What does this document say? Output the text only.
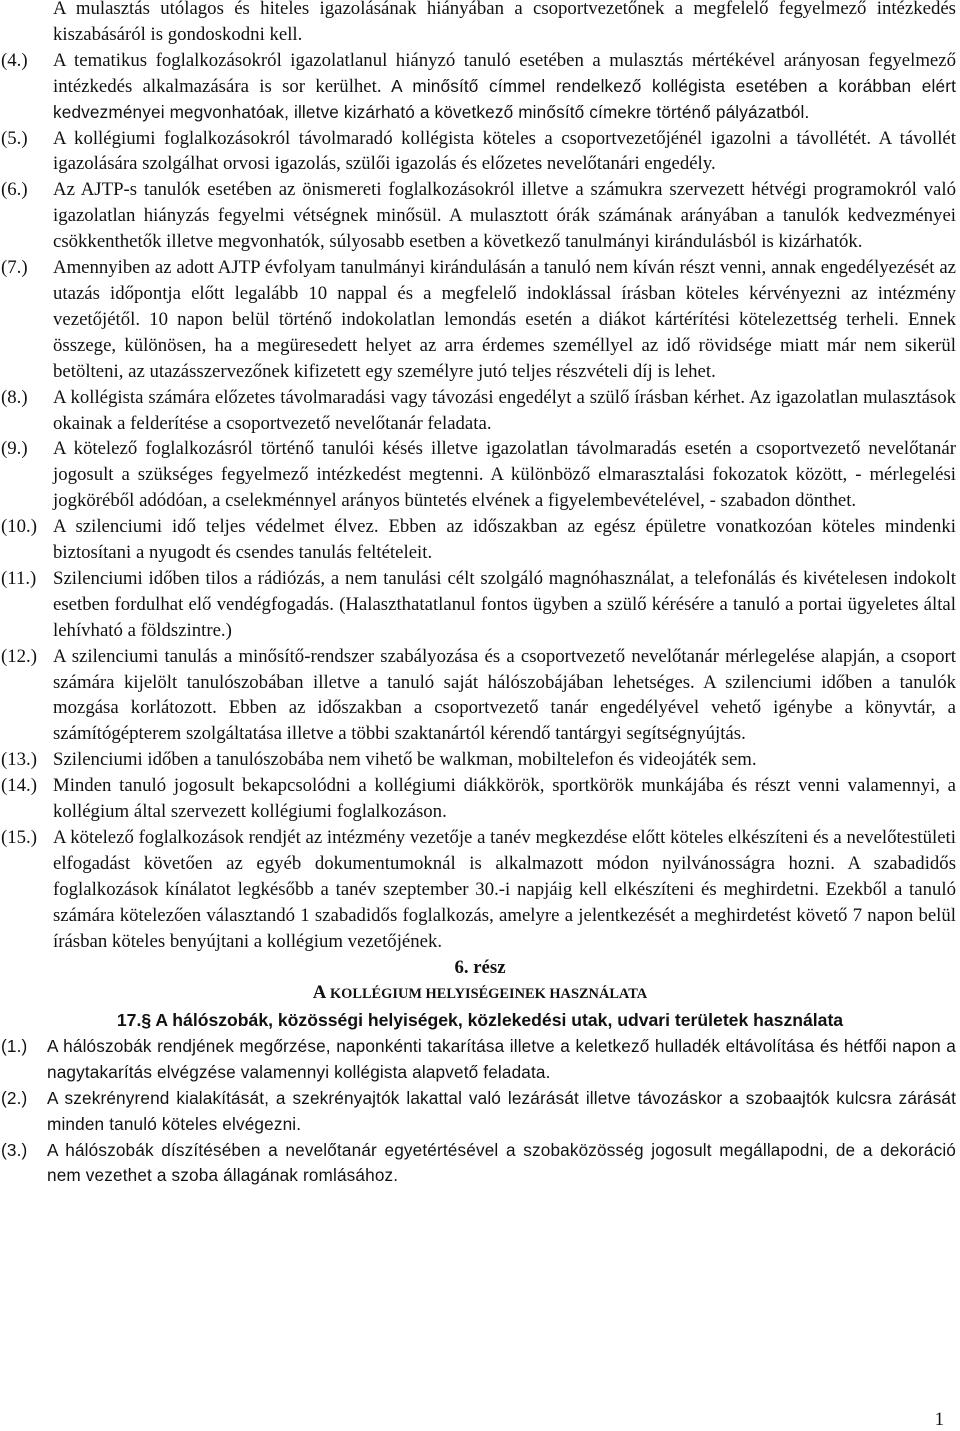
A mulasztás utólagos és hiteles igazolásának hiányában a csoportvezetőnek a megfelelő fegyelmező intézkedés kiszabásáról is gondoskodni kell.
(4.)	A tematikus foglalkozásokról igazolatlanul hiányzó tanuló esetében a mulasztás mértékével arányosan fegyelmező intézkedés alkalmazására is sor kerülhet. A minősítő címmel rendelkező kollégista esetében a korábban elért kedvezményei megvonhatóak, illetve kizárható a következő minősítő címekre történő pályázatból.
(5.)	A kollégiumi foglalkozásokról távolmaradó kollégista köteles a csoportvezetőjénél igazolni a távollétét. A távollét igazolására szolgálhat orvosi igazolás, szülői igazolás és előzetes nevelőtanári engedély.
(6.)	Az AJTP-s tanulók esetében az önismereti foglalkozásokról illetve a számukra szervezett hétvégi programokról való igazolatlan hiányzás fegyelmi vétségnek minősül. A mulasztott órák számának arányában a tanulók kedvezményei csökkenthetők illetve megvonhatók, súlyosabb esetben a következő tanulmányi kirándulásból is kizárhatók.
(7.)	Amennyiben az adott AJTP évfolyam tanulmányi kirándulásán a tanuló nem kíván részt venni, annak engedélyezését az utazás időpontja előtt legalább 10 nappal és a megfelelő indoklással írásban köteles kérvényezni az intézmény vezetőjétől. 10 napon belül történő indokolatlan lemondás esetén a diákot kártérítési kötelezettség terheli. Ennek összege, különösen, ha a megüresedett helyet az arra érdemes személlyel az idő rövidsége miatt már nem sikerül betölteni, az utazásszervezőnek kifizetett egy személyre jutó teljes részvételi díj is lehet.
(8.)	A kollégista számára előzetes távolmaradási vagy távozási engedélyt a szülő írásban kérhet. Az igazolatlan mulasztások okainak a felderítése a csoportvezető nevelőtanár feladata.
(9.)	A kötelező foglalkozásról történő tanulói késés illetve igazolatlan távolmaradás esetén a csoportvezető nevelőtanár jogosult a szükséges fegyelmező intézkedést megtenni. A különböző elmarasztalási fokozatok között, - mérlegelési jogköréből adódóan, a cselekménnyel arányos büntetés elvének a figyelembevételével, - szabadon dönthet.
(10.) A szilenciumi idő teljes védelmet élvez. Ebben az időszakban az egész épületre vonatkozóan köteles mindenki biztosítani a nyugodt és csendes tanulás feltételeit.
(11.) Szilenciumi időben tilos a rádiózás, a nem tanulási célt szolgáló magnóhasználat, a telefonálás és kivételesen indokolt esetben fordulhat elő vendégfogadás. (Halaszthatatlanul fontos ügyben a szülő kérésére a tanuló a portai ügyeletes által lehívható a földszintre.)
(12.) A szilenciumi tanulás a minősítő-rendszer szabályozása és a csoportvezető nevelőtanár mérlegelése alapján, a csoport számára kijelölt tanulószobában illetve a tanuló saját hálószobájában lehetséges. A szilenciumi időben a tanulók mozgása korlátozott. Ebben az időszakban a csoportvezető tanár engedélyével vehető igénybe a könyvtár, a számítógépterem szolgáltatása illetve a többi szaktanártól kérendő tantárgyi segítségnyújtás.
(13.) Szilenciumi időben a tanulószobába nem vihető be walkman, mobiltelefon és videojáték sem.
(14.) Minden tanuló jogosult bekapcsolódni a kollégiumi diákkörök, sportkörök munkájába és részt venni valamennyi, a kollégium által szervezett kollégiumi foglalkozáson.
(15.) A kötelező foglalkozások rendjét az intézmény vezetője a tanév megkezdése előtt köteles elkészíteni és a nevelőtestületi elfogadást követően az egyéb dokumentumoknál is alkalmazott módon nyilvánosságra hozni. A szabadidős foglalkozások kínálatot legkésőbb a tanév szeptember 30.-i napjáig kell elkészíteni és meghirdetni. Ezekből a tanuló számára kötelezően választandó 1 szabadidős foglalkozás, amelyre a jelentkezését a meghirdetést követő 7 napon belül írásban köteles benyújtani a kollégium vezetőjének.
6. rész
A KOLLÉGIUM HELYISÉGEINEK HASZNÁLATA
17.§ A hálószobák, közösségi helyiségek, közlekedési utak, udvari területek használata
(1.)	A hálószobák rendjének megőrzése, naponkénti takarítása illetve a keletkező hulladék eltávolítása és hétfői napon a nagytakarítás elvégzése valamennyi kollégista alapvető feladata.
(2.)	A szekrényrend kialakítását, a szekrényajtók lakattal való lezárását illetve távozáskor a szobaajtók kulcsra zárását minden tanuló köteles elvégezni.
(3.)	A hálószobák díszítésében a nevelőtanár egyetértésével a szobaközösség jogosult megállapodni, de a dekoráció nem vezethet a szoba állagának romlásához.
1
